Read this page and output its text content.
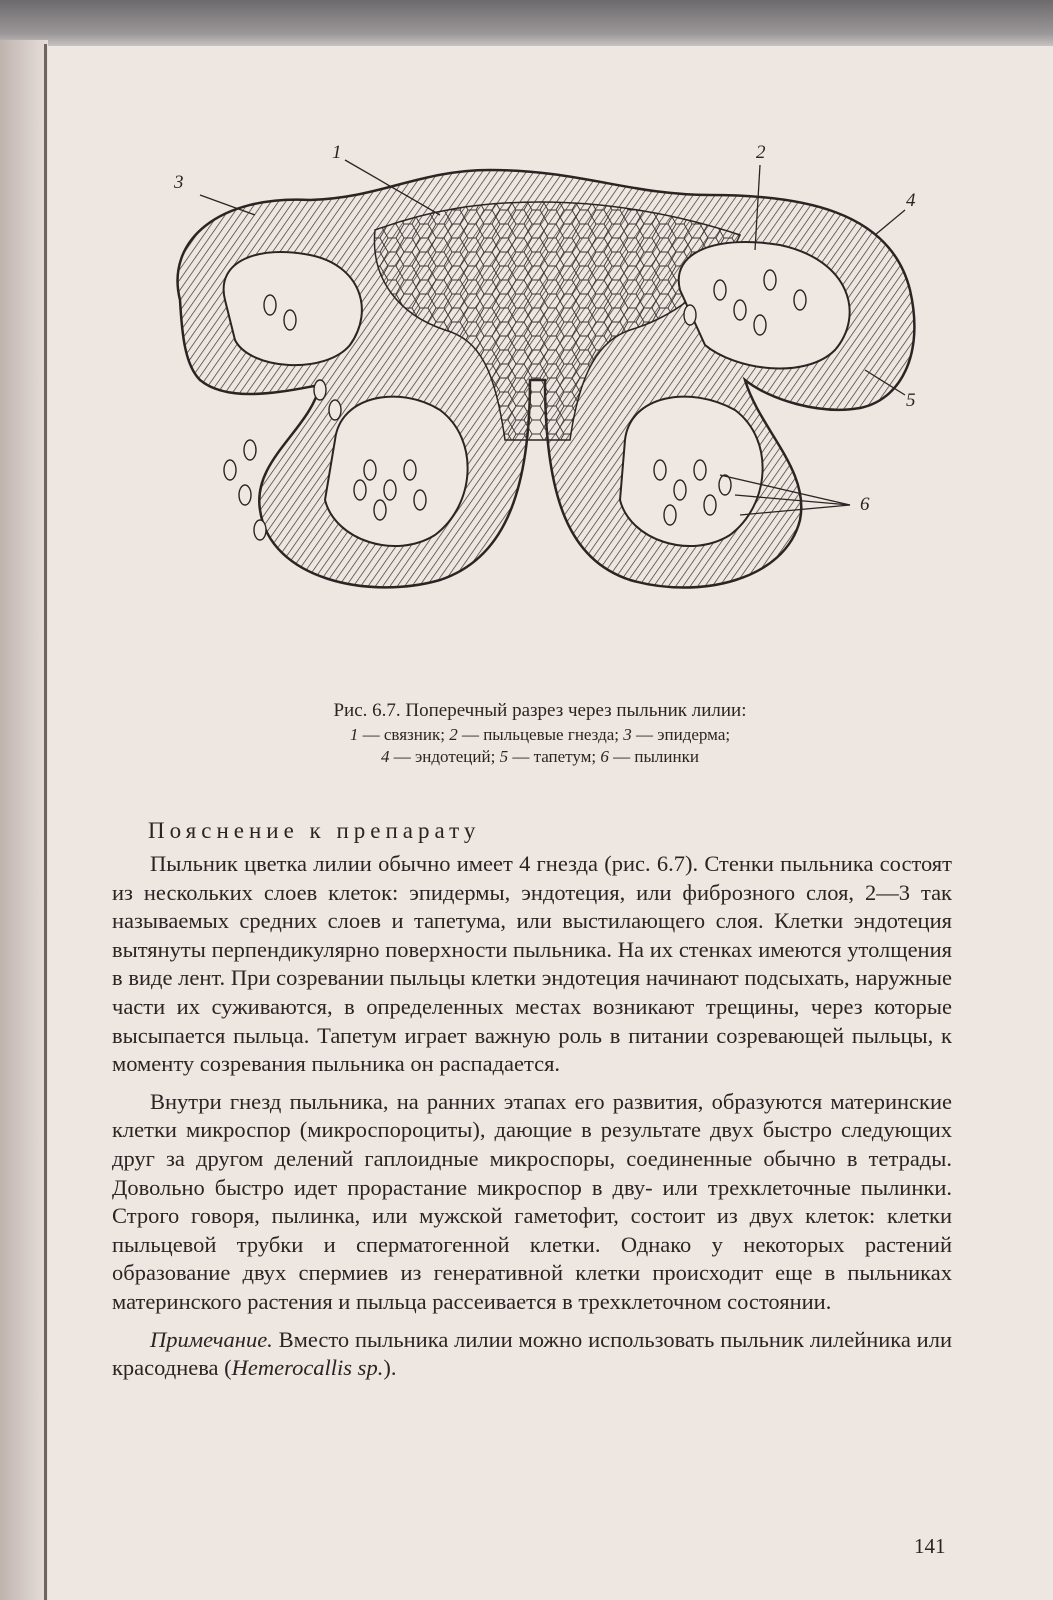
1	2
3
4
5
6
Рис. 6.7. Поперечный разрез через пыльник лилии:
1 — связник; 2 — пыльцевые гнезда; 3 — эпидерма;
4 — эндотеций; 5 — тапетум; 6 — пылинки
Пояснение к препарату

Пыльник цветка лилии обычно имеет 4 гнезда (рис. 6.7). Стенки пыльника состоят из нескольких слоев клеток: эпидермы, эндотеция, или фиброзного слоя, 2—3 так называемых средних слоев и тапетума, или выстилающего слоя. Клетки эндотеция вытянуты перпендикулярно поверхности пыльника. На их стенках имеются утолщения в виде лент. При созревании пыльцы клетки эндотеция начинают подсыхать, наружные части их суживаются, в определенных местах возникают трещины, через которые высыпается пыльца. Тапетум играет важную роль в питании созревающей пыльцы, к моменту созревания пыльника он распадается.

Внутри гнезд пыльника, на ранних этапах его развития, образуются материнские клетки микроспор (микроспороциты), дающие в результате двух быстро следующих друг за другом делений гаплоидные микроспоры, соединенные обычно в тетрады. Довольно быстро идет прорастание микроспор в дву- или трехклеточные пылинки. Строго говоря, пылинка, или мужской гаметофит, состоит из двух клеток: клетки пыльцевой трубки и сперматогенной клетки. Однако у некоторых растений образование двух спермиев из генеративной клетки происходит еще в пыльниках материнского растения и пыльца рассеивается в трехклеточном состоянии.

Примечание. Вместо пыльника лилии можно использовать пыльник лилейника или красоднева (Hemerocallis sp.).

141
